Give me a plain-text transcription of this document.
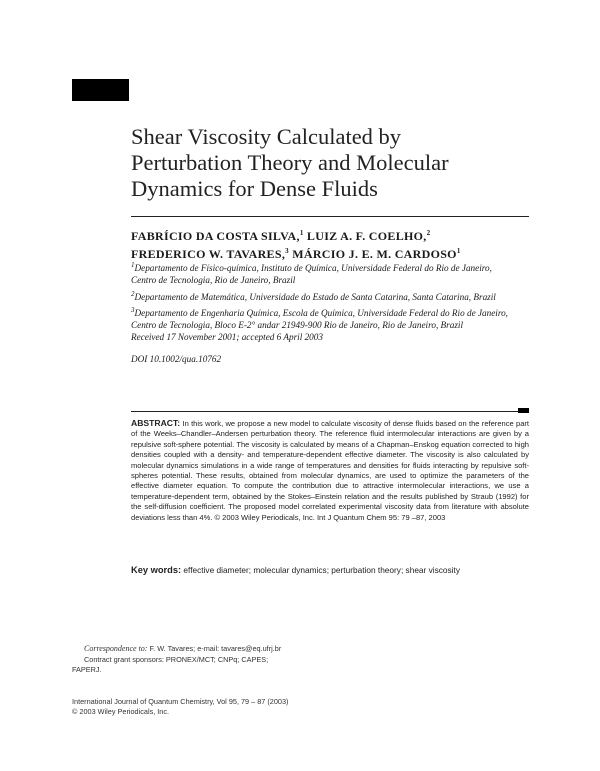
Shear Viscosity Calculated by
Perturbation Theory and Molecular
Dynamics for Dense Fluids
FABRÍCIO DA COSTA SILVA,$^1$ LUIZ A. F. COELHO,$^2$
FREDERICO W. TAVARES,$^3$ MÁRCIO J. E. M. CARDOSO$^1$
$^1$Departamento de Físico-química, Instituto de Química, Universidade Federal do Rio de Janeiro,
Centro de Tecnologia, Rio de Janeiro, Brazil
$^2$Departamento de Matemática, Universidade do Estado de Santa Catarina, Santa Catarina, Brazil
$^3$Departamento de Engenharia Química, Escola de Química, Universidade Federal do Rio de Janeiro,
Centro de Tecnologia, Bloco E-2° andar 21949-900 Rio de Janeiro, Rio de Janeiro, Brazil
Received 17 November 2001; accepted 6 April 2003
DOI 10.1002/qua.10762
ABSTRACT: In this work, we propose a new model to calculate viscosity of dense fluids based on the reference part of the Weeks–Chandler–Andersen perturbation theory. The reference fluid intermolecular interactions are given by a repulsive soft-sphere potential. The viscosity is calculated by means of a Chapman–Enskog equation corrected to high densities coupled with a density- and temperature-dependent effective diameter. The viscosity is also calculated by molecular dynamics simulations in a wide range of temperatures and densities for fluids interacting by repulsive soft-spheres potential. These results, obtained from molecular dynamics, are used to optimize the parameters of the effective diameter equation. To compute the contribution due to attractive intermolecular interactions, we use a temperature-dependent term, obtained by the Stokes–Einstein relation and the results published by Straub (1992) for the self-diffusion coefficient. The proposed model correlated experimental viscosity data from literature with absolute deviations less than 4%. © 2003 Wiley Periodicals, Inc. Int J Quantum Chem 95: 79 –87, 2003
Key words: effective diameter; molecular dynamics; perturbation theory; shear viscosity
Correspondence to: F. W. Tavares; e-mail: tavares@eq.ufrj.br
Contract grant sponsors: PRONEX/MCT; CNPq; CAPES;
FAPERJ.
International Journal of Quantum Chemistry, Vol 95, 79 – 87 (2003)
© 2003 Wiley Periodicals, Inc.
